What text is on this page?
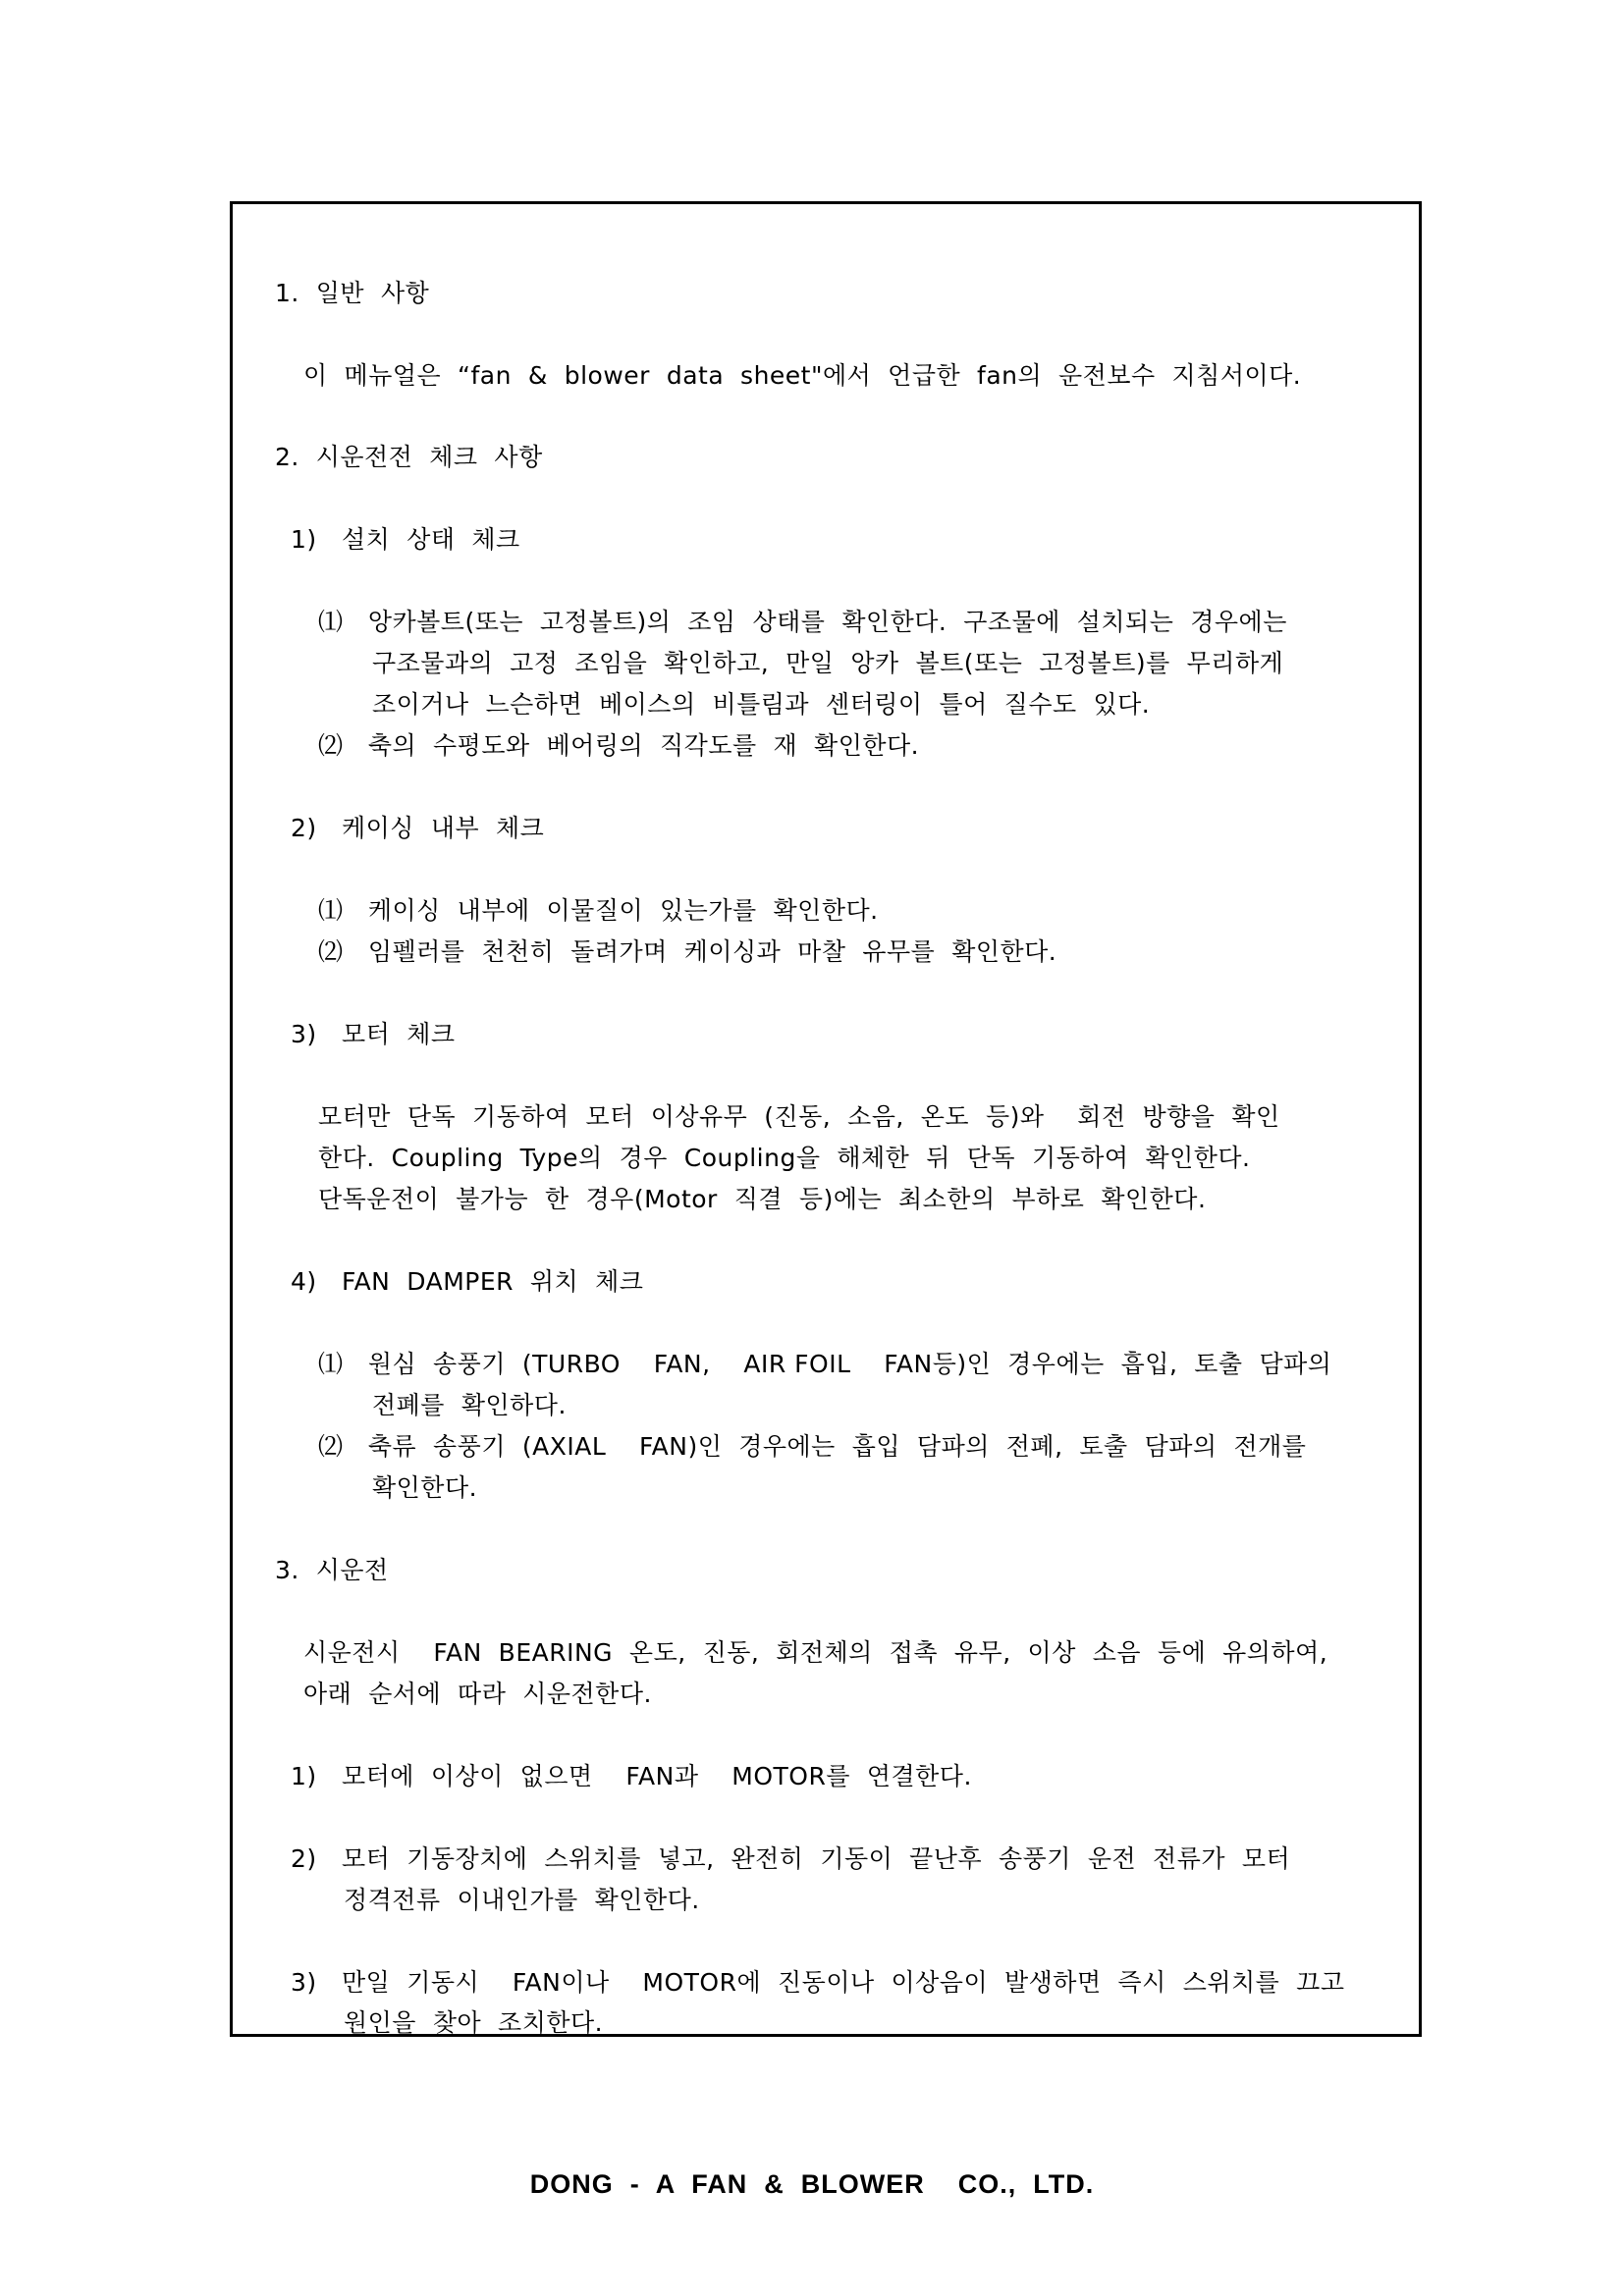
1.  일반  사항
이  메뉴얼은  “fan  &  blower  data  sheet"에서  언급한  fan의  운전보수  지침서이다.
2.  시운전전  체크  사항
1)   설치  상태  체크
⑴   앙카볼트(또는  고정볼트)의  조임  상태를  확인한다.  구조물에  설치되는  경우에는
구조물과의  고정  조임을  확인하고,  만일  앙카  볼트(또는  고정볼트)를  무리하게
조이거나  느슨하면  베이스의  비틀림과  센터링이  틀어  질수도  있다.
⑵   축의  수평도와  베어링의  직각도를  재  확인한다.
2)   케이싱  내부  체크
⑴   케이싱  내부에  이물질이  있는가를  확인한다.
⑵   임펠러를  천천히  돌려가며  케이싱과  마찰  유무를  확인한다.
3)   모터  체크
모터만  단독  기동하여  모터  이상유무  (진동,  소음,  온도  등)와    회전  방향을  확인
한다.  Coupling  Type의  경우  Coupling을  해체한  뒤  단독  기동하여  확인한다.
단독운전이  불가능  한  경우(Motor  직결  등)에는  최소한의  부하로  확인한다.
4)   FAN  DAMPER  위치  체크
⑴   원심  송풍기  (TURBO    FAN,    AIR FOIL    FAN등)인  경우에는  흡입,  토출  담파의
전폐를  확인하다.
⑵   축류  송풍기  (AXIAL    FAN)인  경우에는  흡입  담파의  전폐,  토출  담파의  전개를
확인한다.
3.  시운전
시운전시    FAN  BEARING  온도,  진동,  회전체의  접촉  유무,  이상  소음  등에  유의하여,
아래  순서에  따라  시운전한다.
1)   모터에  이상이  없으면    FAN과    MOTOR를  연결한다.
2)   모터  기동장치에  스위치를  넣고,  완전히  기동이  끝난후  송풍기  운전  전류가  모터
정격전류  이내인가를  확인한다.
3)   만일  기동시    FAN이나    MOTOR에  진동이나  이상음이  발생하면  즉시  스위치를  끄고
원인을  찾아  조치한다.
DONG  -  A  FAN  &  BLOWER    CO.,  LTD.
